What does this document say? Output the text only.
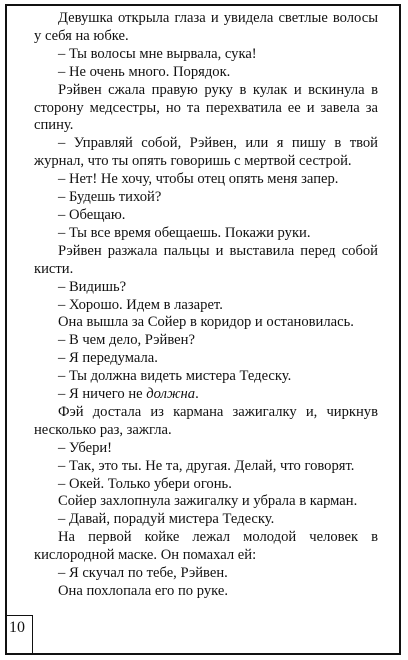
Девушка открыла глаза и увидела светлые волосы у себя на юбке.

– Ты волосы мне вырвала, сука!

– Не очень много. Порядок.

Рэйвен сжала правую руку в кулак и вскинула в сторону медсестры, но та перехватила ее и завела за спину.

– Управляй собой, Рэйвен, или я пишу в твой журнал, что ты опять говоришь с мертвой сестрой.

– Нет! Не хочу, чтобы отец опять меня запер.

– Будешь тихой?

– Обещаю.

– Ты все время обещаешь. Покажи руки.

Рэйвен разжала пальцы и выставила перед собой кисти.

– Видишь?

– Хорошо. Идем в лазарет.

Она вышла за Сойер в коридор и остановилась.

– В чем дело, Рэйвен?

– Я передумала.

– Ты должна видеть мистера Тедеску.

– Я ничего не должна.

Фэй достала из кармана зажигалку и, чиркнув несколько раз, зажгла.

– Убери!

– Так, это ты. Не та, другая. Делай, что говорят.

– Окей. Только убери огонь.

Сойер захлопнула зажигалку и убрала в карман.

– Давай, порадуй мистера Тедеску.

На первой койке лежал молодой человек в кислородной маске. Он помахал ей:

– Я скучал по тебе, Рэйвен.

Она похлопала его по руке.

10
